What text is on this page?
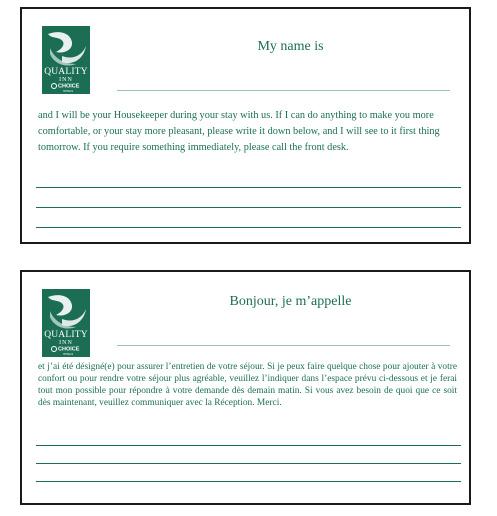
QUALITY
INN
CHOICE
HOTELS
My name is
and I will be your Housekeeper during your stay with us. If I can do anything to make you more comfortable, or your stay more pleasant, please write it down below, and I will see to it first thing tomorrow. If you require something immediately, please call the front desk.
QUALITY
INN
CHOICE
HOTELS
Bonjour, je m’appelle
et j’ai été désigné(e) pour assurer l’entretien de votre séjour. Si je peux faire quelque chose pour ajouter à votre confort ou pour rendre votre séjour plus agréable, veuillez l’indiquer dans l’espace prévu ci-dessous et je ferai tout mon possible pour répondre à votre demande dès demain matin. Si vous avez besoin de quoi que ce soit dès maintenant, veuillez communiquer avec la Réception. Merci.
